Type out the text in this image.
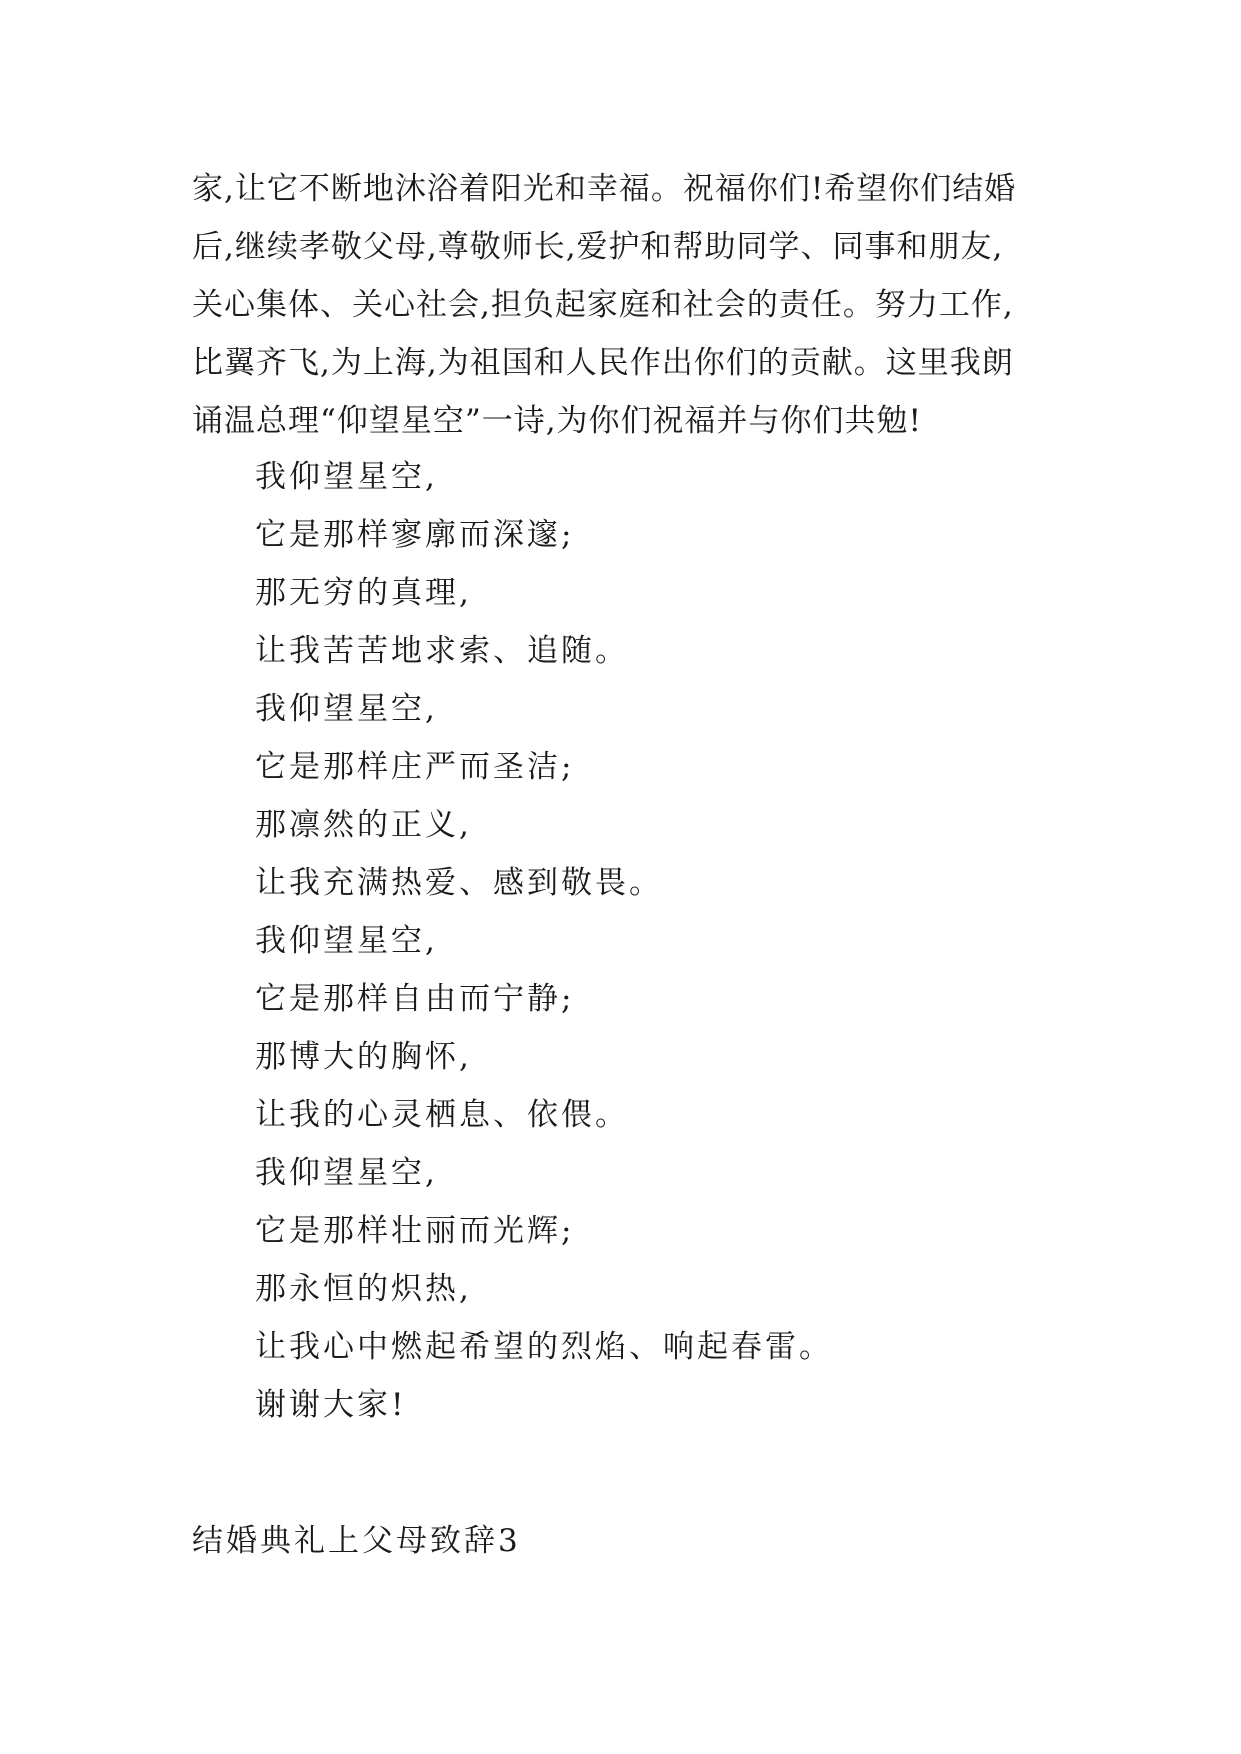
家,让它不断地沐浴着阳光和幸福。祝福你们!希望你们结婚
后,继续孝敬父母,尊敬师长,爱护和帮助同学、同事和朋友,
关心集体、关心社会,担负起家庭和社会的责任。努力工作,
比翼齐飞,为上海,为祖国和人民作出你们的贡献。这里我朗
诵温总理“仰望星空”一诗,为你们祝福并与你们共勉!
我仰望星空,
它是那样寥廓而深邃;
那无穷的真理,
让我苦苦地求索、追随。
我仰望星空,
它是那样庄严而圣洁;
那凛然的正义,
让我充满热爱、感到敬畏。
我仰望星空,
它是那样自由而宁静;
那博大的胸怀,
让我的心灵栖息、依偎。
我仰望星空,
它是那样壮丽而光辉;
那永恒的炽热,
让我心中燃起希望的烈焰、响起春雷。
谢谢大家!
结婚典礼上父母致辞3
